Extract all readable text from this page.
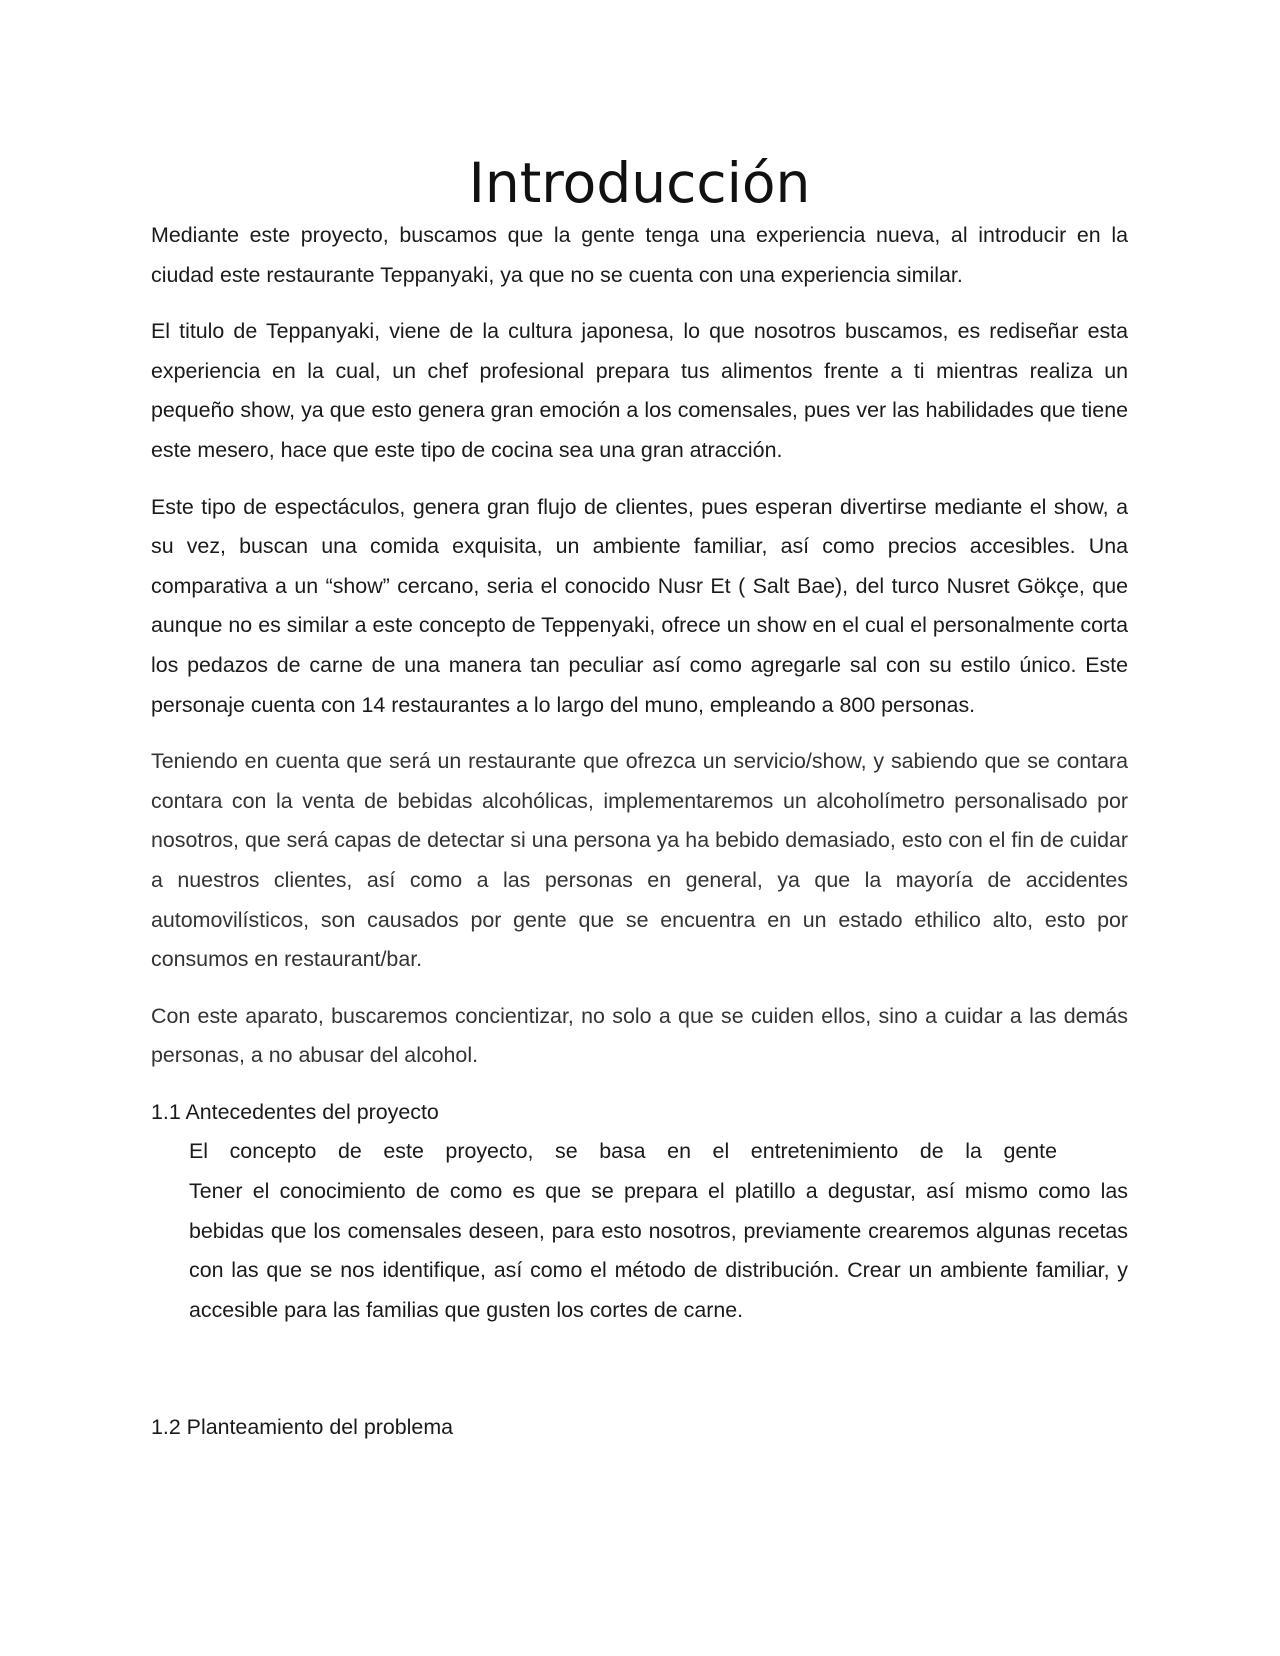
Introducción

Mediante este proyecto, buscamos que la gente tenga una experiencia nueva, al introducir en la ciudad este restaurante Teppanyaki, ya que no se cuenta con una experiencia similar.

El titulo de Teppanyaki, viene de la cultura japonesa, lo que nosotros buscamos, es rediseñar esta experiencia en la cual, un chef profesional prepara tus alimentos frente a ti mientras realiza un pequeño show, ya que esto genera gran emoción a los comensales, pues ver las habilidades que tiene este mesero, hace que este tipo de cocina sea una gran atracción.

Este tipo de espectáculos, genera gran flujo de clientes, pues esperan divertirse mediante el show, a su vez, buscan una comida exquisita, un ambiente familiar, así como precios accesibles. Una comparativa a un “show” cercano, seria el conocido Nusr Et ( Salt Bae), del turco Nusret Gökçe, que aunque no es similar a este concepto de Teppenyaki, ofrece un show en el cual el personalmente corta los pedazos de carne de una manera tan peculiar así como agregarle sal con su estilo único. Este personaje cuenta con 14 restaurantes a lo largo del muno, empleando a 800 personas.

Teniendo en cuenta que será un restaurante que ofrezca un servicio/show, y sabiendo que se contara contara con la venta de bebidas alcohólicas, implementaremos un alcoholímetro personalisado por nosotros, que será capas de detectar si una persona ya ha bebido demasiado, esto con el fin de cuidar a nuestros clientes, así como a las personas en general, ya que la mayoría de accidentes automovilísticos, son causados por gente que se encuentra en un estado ethilico alto, esto por consumos en restaurant/bar.

Con este aparato, buscaremos concientizar, no solo a que se cuiden ellos, sino a cuidar a las demás personas, a no abusar del alcohol.

1.1 Antecedentes del proyecto
El concepto de este proyecto, se basa en el entretenimiento de la gente
Tener el conocimiento de como es que se prepara el platillo a degustar, así mismo como las bebidas que los comensales deseen, para esto nosotros, previamente crearemos algunas recetas con las que se nos identifique, así como el método de distribución. Crear un ambiente familiar, y accesible para las familias que gusten los cortes de carne.
1.2 Planteamiento del problema
